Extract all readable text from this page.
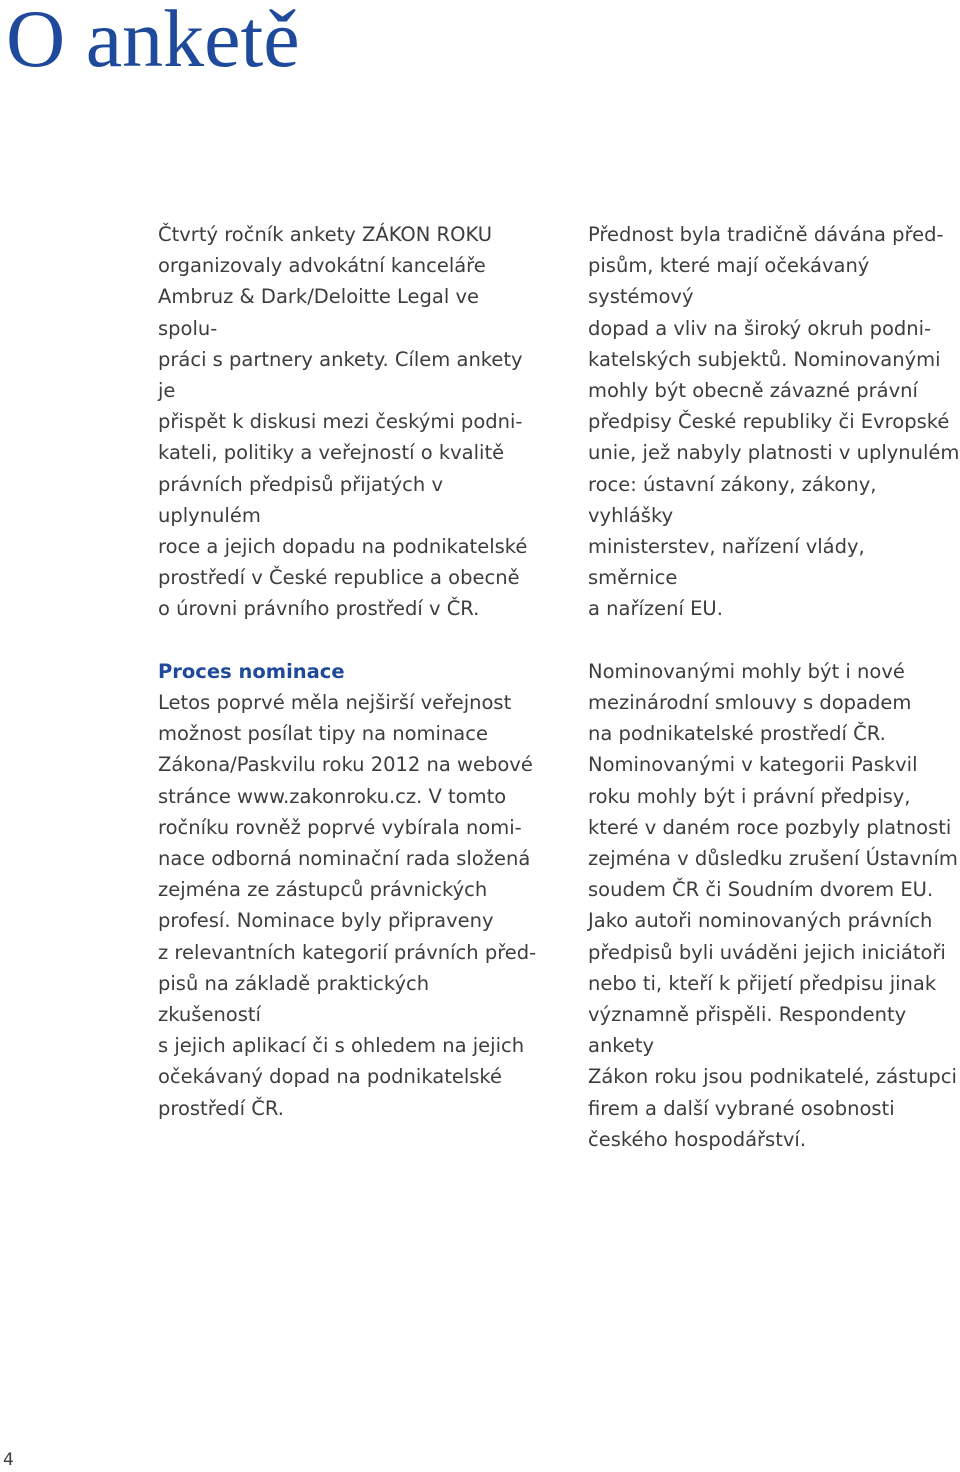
O anketě

Čtvrtý ročník ankety ZÁKON ROKU
organizovaly advokátní kanceláře
Ambruz & Dark/Deloitte Legal ve spolu-
práci s partnery ankety. Cílem ankety je
přispět k diskusi mezi českými podni-
kateli, politiky a veřejností o kvalitě
právních předpisů přijatých v uplynulém
roce a jejich dopadu na podnikatelské
prostředí v České republice a obecně
o úrovni právního prostředí v ČR.

Proces nominace

Letos poprvé měla nejširší veřejnost
možnost posílat tipy na nominace
Zákona/Paskvilu roku 2012 na webové
stránce www.zakonroku.cz. V tomto
ročníku rovněž poprvé vybírala nomi-
nace odborná nominační rada složená
zejména ze zástupců právnických
profesí. Nominace byly připraveny
z relevantních kategorií právních před-
pisů na základě praktických zkušeností
s jejich aplikací či s ohledem na jejich
očekávaný dopad na podnikatelské
prostředí ČR.

Přednost byla tradičně dávána před-
pisům, které mají očekávaný systémový
dopad a vliv na široký okruh podni-
katelských subjektů. Nominovanými
mohly být obecně závazné právní
předpisy České republiky či Evropské
unie, jež nabyly platnosti v uplynulém
roce: ústavní zákony, zákony, vyhlášky
ministerstev, nařízení vlády, směrnice
a nařízení EU.

Nominovanými mohly být i nové
mezinárodní smlouvy s dopadem
na podnikatelské prostředí ČR.
Nominovanými v kategorii Paskvil
roku mohly být i právní předpisy,
které v daném roce pozbyly platnosti
zejména v důsledku zrušení Ústavním
soudem ČR či Soudním dvorem EU.
Jako autoři nominovaných právních
předpisů byli uváděni jejich iniciátoři
nebo ti, kteří k přijetí předpisu jinak
významně přispěli. Respondenty ankety
Zákon roku jsou podnikatelé, zástupci
firem a další vybrané osobnosti
českého hospodářství.

4
